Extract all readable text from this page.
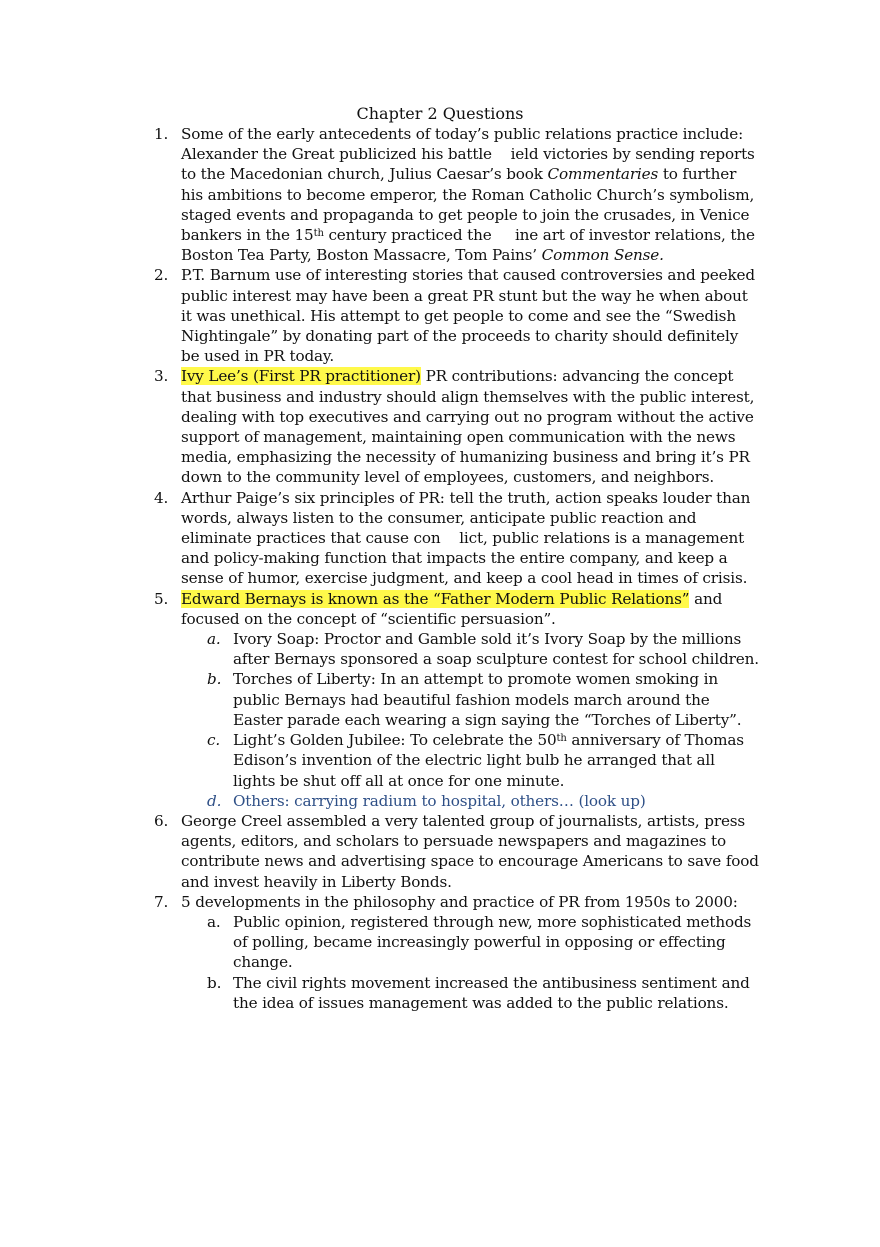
Chapter 2 Questions
1. Some of the early antecedents of today’s public relations practice include: Alexander the Great publicized his battle ield victories by sending reports to the Macedonian church, Julius Caesar’s book Commentaries to further his ambitions to become emperor, the Roman Catholic Church’s symbolism, staged events and propaganda to get people to join the crusades, in Venice bankers in the 15th century practiced the ine art of investor relations, the Boston Tea Party, Boston Massacre, Tom Pains’ Common Sense.
2. P.T. Barnum use of interesting stories that caused controversies and peeked public interest may have been a great PR stunt but the way he when about it was unethical. His attempt to get people to come and see the “Swedish Nightingale” by donating part of the proceeds to charity should definitely be used in PR today.
3. Ivy Lee’s (First PR practitioner) PR contributions: advancing the concept that business and industry should align themselves with the public interest, dealing with top executives and carrying out no program without the active support of management, maintaining open communication with the news media, emphasizing the necessity of humanizing business and bring it’s PR down to the community level of employees, customers, and neighbors.
4. Arthur Paige’s six principles of PR: tell the truth, action speaks louder than words, always listen to the consumer, anticipate public reaction and eliminate practices that cause con lict, public relations is a management and policy-making function that impacts the entire company, and keep a sense of humor, exercise judgment, and keep a cool head in times of crisis.
5. Edward Bernays is known as the “Father Modern Public Relations” and focused on the concept of “scientific persuasion”.
a. Ivory Soap: Proctor and Gamble sold it’s Ivory Soap by the millions after Bernays sponsored a soap sculpture contest for school children.
b. Torches of Liberty: In an attempt to promote women smoking in public Bernays had beautiful fashion models march around the Easter parade each wearing a sign saying the “Torches of Liberty”.
c. Light’s Golden Jubilee: To celebrate the 50th anniversary of Thomas Edison’s invention of the electric light bulb he arranged that all lights be shut off all at once for one minute.
d. Others: carrying radium to hospital, others… (look up)
6. George Creel assembled a very talented group of journalists, artists, press agents, editors, and scholars to persuade newspapers and magazines to contribute news and advertising space to encourage Americans to save food and invest heavily in Liberty Bonds.
7. 5 developments in the philosophy and practice of PR from 1950s to 2000:
a. Public opinion, registered through new, more sophisticated methods of polling, became increasingly powerful in opposing or effecting change.
b. The civil rights movement increased the antibusiness sentiment and the idea of issues management was added to the public relations.
